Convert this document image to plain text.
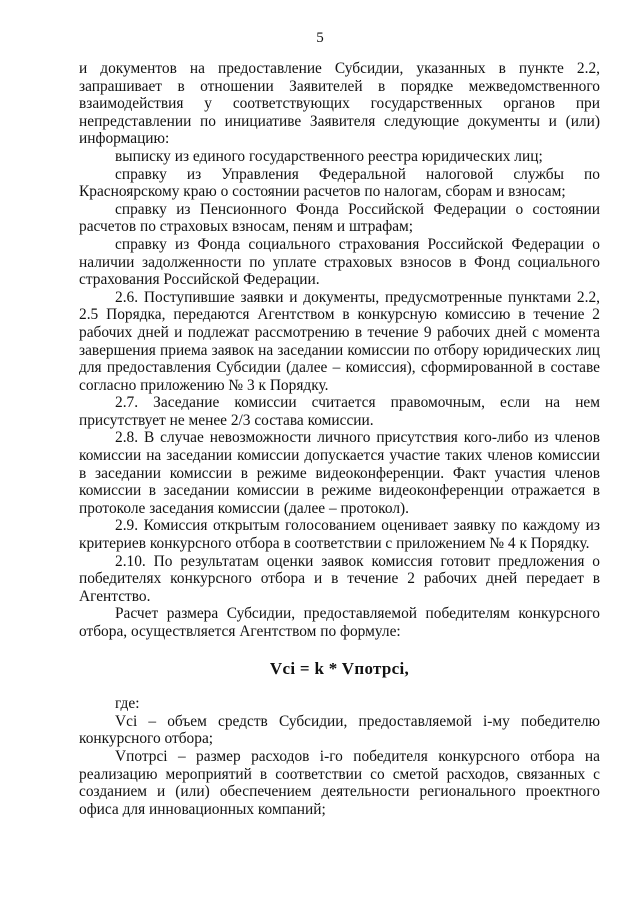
5

и документов на предоставление Субсидии, указанных в пункте 2.2, запрашивает в отношении Заявителей в порядке межведомственного взаимодействия у соответствующих государственных органов при непредставлении по инициативе Заявителя следующие документы и (или) информацию:

выписку из единого государственного реестра юридических лиц;

справку из Управления Федеральной налоговой службы по Красноярскому краю о состоянии расчетов по налогам, сборам и взносам;

справку из Пенсионного Фонда Российской Федерации о состоянии расчетов по страховых взносам, пеням и штрафам;

справку из Фонда социального страхования Российской Федерации о наличии задолженности по уплате страховых взносов в Фонд социального страхования Российской Федерации.

2.6. Поступившие заявки и документы, предусмотренные пунктами 2.2, 2.5 Порядка, передаются Агентством в конкурсную комиссию в течение 2 рабочих дней и подлежат рассмотрению в течение 9 рабочих дней с момента завершения приема заявок на заседании комиссии по отбору юридических лиц для предоставления Субсидии (далее – комиссия), сформированной в составе согласно приложению № 3 к Порядку.

2.7. Заседание комиссии считается правомочным, если на нем присутствует не менее 2/3 состава комиссии.

2.8. В случае невозможности личного присутствия кого-либо из членов комиссии на заседании комиссии допускается участие таких членов комиссии в заседании комиссии в режиме видеоконференции. Факт участия членов комиссии в заседании комиссии в режиме видеоконференции отражается в протоколе заседания комиссии (далее – протокол).

2.9. Комиссия открытым голосованием оценивает заявку по каждому из критериев конкурсного отбора в соответствии с приложением № 4 к Порядку.

2.10. По результатам оценки заявок комиссия готовит предложения о победителях конкурсного отбора и в течение 2 рабочих дней передает в Агентство.

Расчет размера Субсидии, предоставляемой победителям конкурсного отбора, осуществляется Агентством по формуле:

Vci = k * Vпотрci,

где:

Vci – объем средств Субсидии, предоставляемой i-му победителю конкурсного отбора;

Vпотрci – размер расходов i-го победителя конкурсного отбора на реализацию мероприятий в соответствии со сметой расходов, связанных с созданием и (или) обеспечением деятельности регионального проектного офиса для инновационных компаний;
